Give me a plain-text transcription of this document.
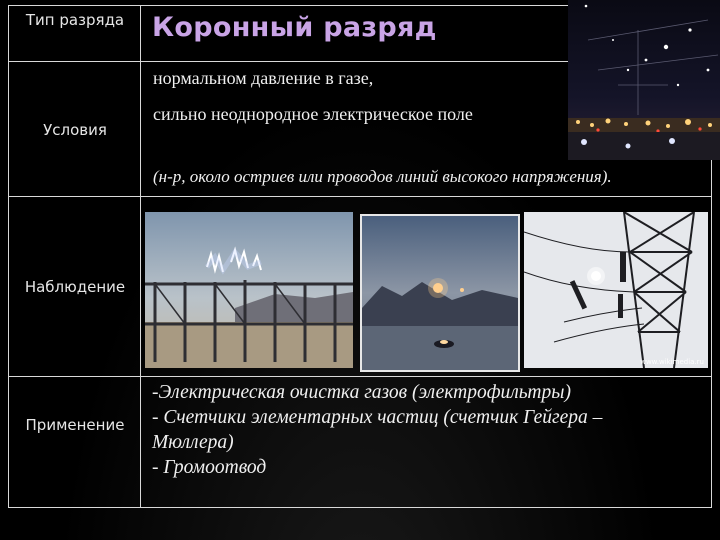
Тип разряда
Условия
Наблюдение
Применение
Коронный разряд
нормальном давление в газе,
сильно неоднородное электрическое поле
(н-р, около остриев или проводов линий высокого напряжения).
www.wikimedia.ru
-Электрическая очистка газов (электрофильтры)
- Счетчики элементарных частиц (счетчик Гейгера –
Мюллера)
- Громоотвод
